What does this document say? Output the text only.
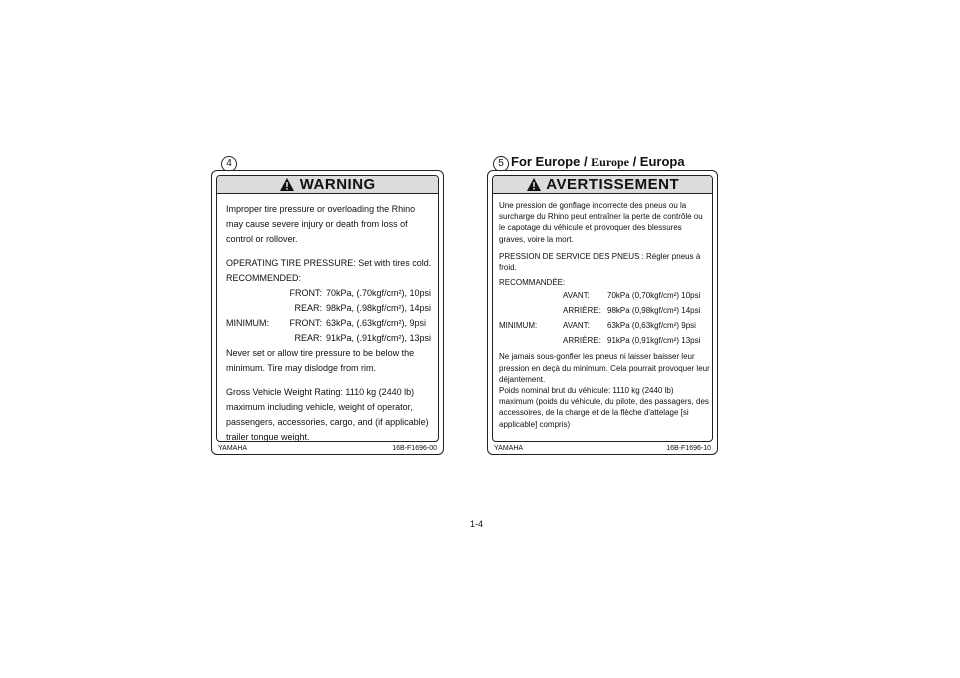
4
WARNING

Improper tire pressure or overloading the Rhino may cause severe injury or death from loss of control or rollover.

OPERATING TIRE PRESSURE: Set with tires cold.

RECOMMENDED:

FRONT: 70kPa, (.70kgf/cm²), 10psi
REAR: 98kPa, (.98kgf/cm²), 14psi
MINIMUM:	FRONT: 63kPa, (.63kgf/cm²), 9psi
REAR: 91kPa, (.91kgf/cm²), 13psi

Never set or allow tire pressure to be below the minimum. Tire may dislodge from rim.

Gross Vehicle Weight Rating: 1110 kg (2440 lb) maximum including vehicle, weight of operator, passengers, accessories, cargo, and (if applicable) trailer tongue weight.

YAMAHA	16B-F1696-00
5 For Europe / Europe / Europa
AVERTISSEMENT

Une pression de gonflage incorrecte des pneus ou la surcharge du Rhino peut entraîner la perte de contrôle ou le capotage du véhicule et provoquer des blessures graves, voire la mort.

PRESSION DE SERVICE DES PNEUS : Régler pneus à froid.

RECOMMANDÉE:

AVANT:	70kPa (0,70kgf/cm²) 10psi
ARRIÈRE: 98kPa (0,98kgf/cm²) 14psi
MINIMUM:	AVANT:	63kPa (0,63kgf/cm²) 9psi
ARRIÈRE: 91kPa (0,91kgf/cm²) 13psi

Ne jamais sous-gonfler les pneus ni laisser baisser leur pression en deçà du minimum. Cela pourrait provoquer leur déjantement.

Poids nominal brut du véhicule: 1110 kg (2440 lb) maximum (poids du véhicule, du pilote, des passagers, des accessoires, de la charge et de la flèche d'attelage [si applicable] compris)

YAMAHA	16B-F1696-10
1-4
